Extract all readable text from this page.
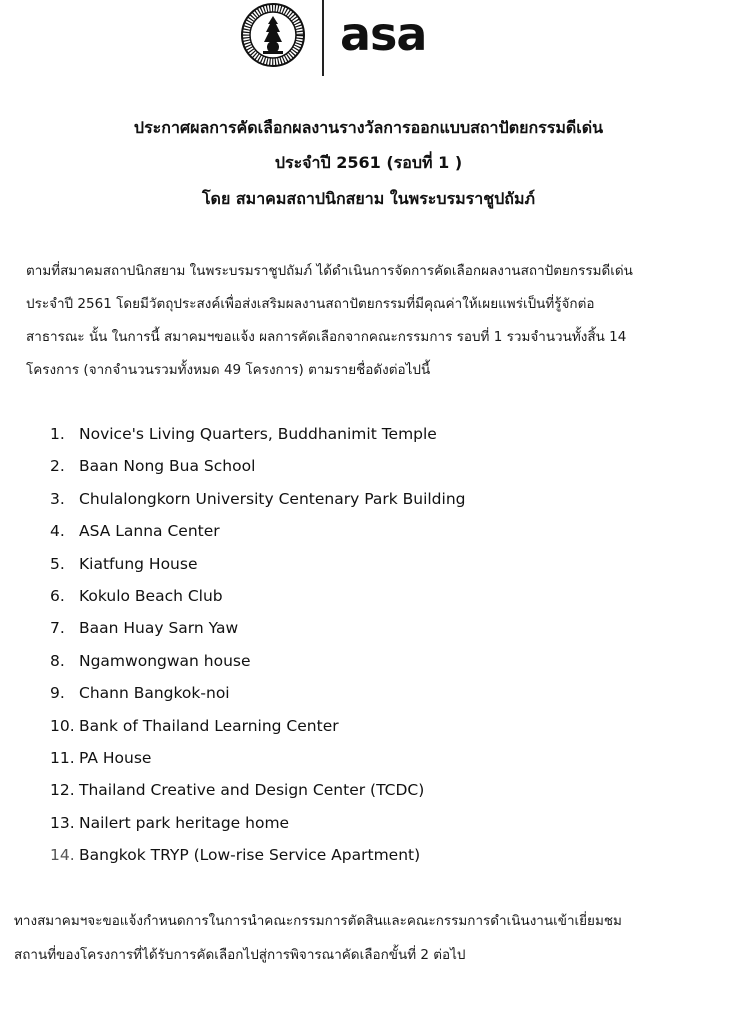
asa
ประกาศผลการคัดเลือกผลงานรางวัลการออกแบบสถาปัตยกรรมดีเด่น
ประจำปี 2561 (รอบที่ 1 )
โดย สมาคมสถาปนิกสยาม ในพระบรมราชูปถัมภ์
ตามที่สมาคมสถาปนิกสยาม ในพระบรมราชูปถัมภ์ ได้ดำเนินการจัดการคัดเลือกผลงานสถาปัตยกรรมดีเด่น
ประจำปี 2561 โดยมีวัตถุประสงค์เพื่อส่งเสริมผลงานสถาปัตยกรรมที่มีคุณค่าให้เผยแพร่เป็นที่รู้จักต่อ
สาธารณะ นั้น ในการนี้ สมาคมฯขอแจ้ง ผลการคัดเลือกจากคณะกรรมการ รอบที่ 1 รวมจำนวนทั้งสิ้น 14
โครงการ (จากจำนวนรวมทั้งหมด 49 โครงการ) ตามรายชื่อดังต่อไปนี้
1. Novice's Living Quarters, Buddhanimit Temple
2. Baan Nong Bua School
3. Chulalongkorn University Centenary Park Building
4. ASA Lanna Center
5. Kiatfung House
6. Kokulo Beach Club
7. Baan Huay Sarn Yaw
8. Ngamwongwan house
9. Chann Bangkok-noi
10. Bank of Thailand Learning Center
11. PA House
12. Thailand Creative and Design Center (TCDC)
13. Nailert park heritage home
14. Bangkok TRYP (Low-rise Service Apartment)
ทางสมาคมฯจะขอแจ้งกำหนดการในการนำคณะกรรมการตัดสินและคณะกรรมการดำเนินงานเข้าเยี่ยมชม
สถานที่ของโครงการที่ได้รับการคัดเลือกไปสู่การพิจารณาคัดเลือกขั้นที่ 2 ต่อไป
